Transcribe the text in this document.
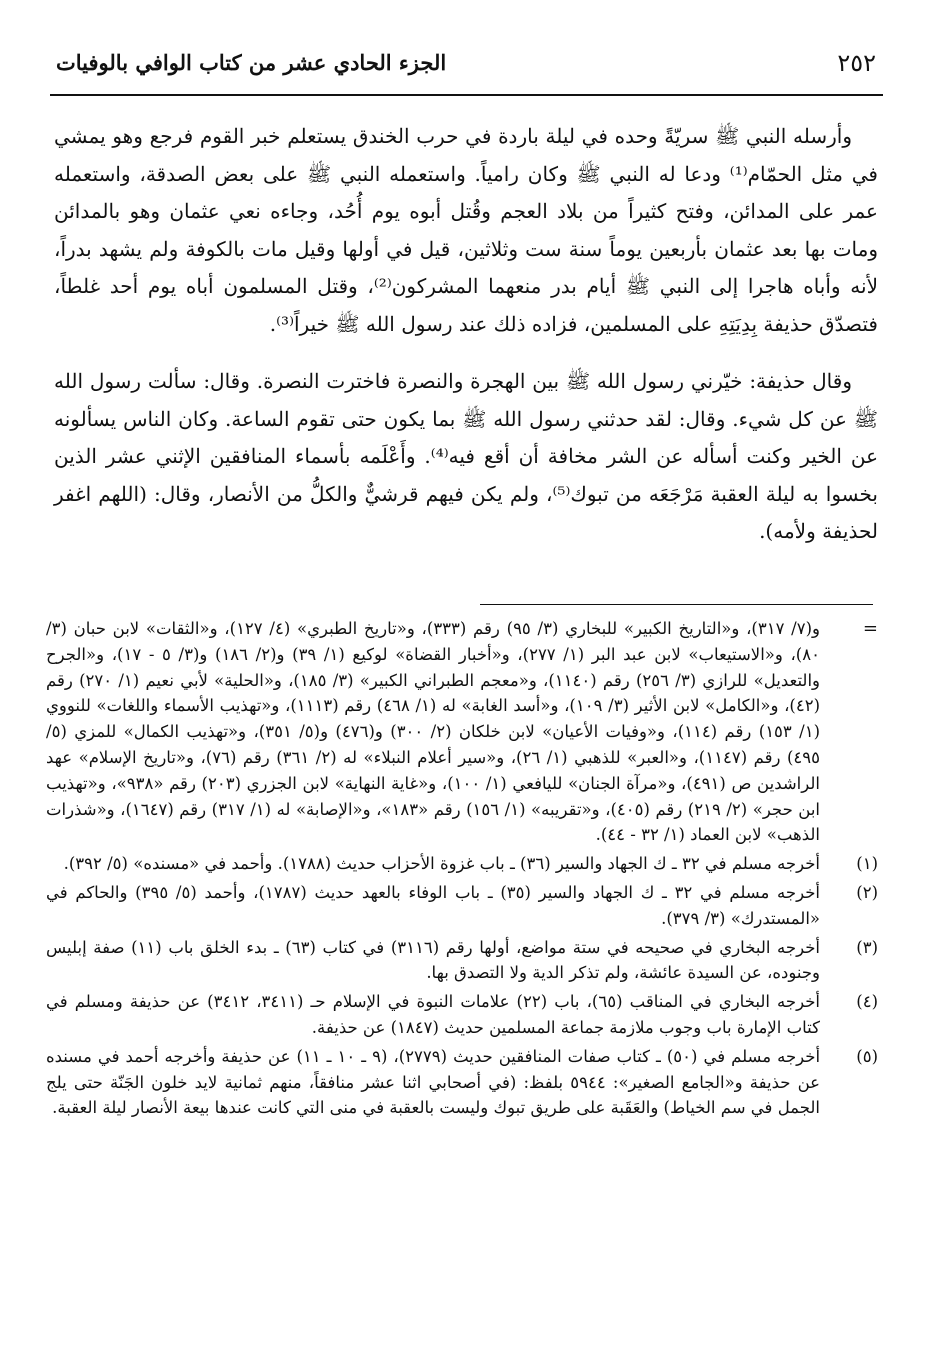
٢٥٢
الجزء الحادي عشر من كتاب الوافي بالوفيات

وأرسله النبي ﷺ سريّةً وحده في ليلة باردة في حرب الخندق يستعلم خبر القوم فرجع وهو يمشي في مثل الحمّام⁽¹⁾ ودعا له النبي ﷺ وكان رامياً. واستعمله النبي ﷺ على بعض الصدقة، واستعمله عمر على المدائن، وفتح كثيراً من بلاد العجم وقُتل أبوه يوم أُحُد، وجاءه نعي عثمان وهو بالمدائن ومات بها بعد عثمان بأربعين يوماً سنة ست وثلاثين، قيل في أولها وقيل مات بالكوفة ولم يشهد بدراً، لأنه وأباه هاجرا إلى النبي ﷺ أيام بدر منعهما المشركون⁽²⁾، وقتل المسلمون أباه يوم أحد غلطاً، فتصدّق حذيفة بِدِيَتِهِ على المسلمين، فزاده ذلك عند رسول الله ﷺ خيراً⁽³⁾.

وقال حذيفة: خيّرني رسول الله ﷺ بين الهجرة والنصرة فاخترت النصرة. وقال: سألت رسول الله ﷺ عن كل شيء. وقال: لقد حدثني رسول الله ﷺ بما يكون حتى تقوم الساعة. وكان الناس يسألونه عن الخير وكنت أسأله عن الشر مخافة أن أقع فيه⁽⁴⁾. وأَعْلَمه بأسماء المنافقين الإثني عشر الذين بخسوا به ليلة العقبة مَرْجَعَه من تبوك⁽⁵⁾، ولم يكن فيهم قرشيٌّ والكلُّ من الأنصار، وقال: (اللهم اغفر لحذيفة ولأمه).

=
و(٧/ ٣١٧)، و«التاريخ الكبير» للبخاري (٣/ ٩٥) رقم (٣٣٣)، و«تاريخ الطبري» (٤/ ١٢٧)، و«الثقات» لابن حبان (٣/ ٨٠)، و«الاستيعاب» لابن عبد البر (١/ ٢٧٧)، و«أخبار القضاة» لوكيع (١/ ٣٩) و(٢/ ١٨٦) و(٣/ ٥ - ١٧)، و«الجرح والتعديل» للرازي (٣/ ٢٥٦) رقم (١١٤٠)، و«معجم الطبراني الكبير» (٣/ ١٨٥)، و«الحلية» لأبي نعيم (١/ ٢٧٠) رقم (٤٢)، و«الكامل» لابن الأثير (٣/ ١٠٩)، و«أسد الغابة» له (١/ ٤٦٨) رقم (١١١٣)، و«تهذيب الأسماء واللغات» للنووي (١/ ١٥٣) رقم (١١٤)، و«وفيات الأعيان» لابن خلكان (٢/ ٣٠٠) و(٤٧٦) و(٥/ ٣٥١)، و«تهذيب الكمال» للمزي (٥/ ٤٩٥) رقم (١١٤٧)، و«العبر» للذهبي (١/ ٢٦)، و«سير أعلام النبلاء» له (٢/ ٣٦١) رقم (٧٦)، و«تاريخ الإسلام» عهد الراشدين ص (٤٩١)، و«مرآة الجنان» لليافعي (١/ ١٠٠)، و«غاية النهاية» لابن الجزري (٢٠٣) رقم «٩٣٨»، و«تهذيب ابن حجر» (٢/ ٢١٩) رقم (٤٠٥)، و«تقريبه» (١/ ١٥٦) رقم «١٨٣»، و«الإصابة» له (١/ ٣١٧) رقم (١٦٤٧)، و«شذرات الذهب» لابن العماد (١/ ٣٢ - ٤٤).
(١)
أخرجه مسلم في ٣٢ ـ ك الجهاد والسير (٣٦) ـ باب غزوة الأحزاب حديث (١٧٨٨). وأحمد في «مسنده» (٥/ ٣٩٢).
(٢)
أخرجه مسلم في ٣٢ ـ ك الجهاد والسير (٣٥) ـ باب الوفاء بالعهد حديث (١٧٨٧)، وأحمد (٥/ ٣٩٥) والحاكم في «المستدرك» (٣/ ٣٧٩).
(٣)
أخرجه البخاري في صحيحه في ستة مواضع، أولها رقم (٣١١٦) في كتاب (٦٣) ـ بدء الخلق باب (١١) صفة إبليس وجنوده، عن السيدة عائشة، ولم تذكر الدية ولا التصدق بها.
(٤)
أخرجه البخاري في المناقب (٦٥)، باب (٢٢) علامات النبوة في الإسلام حـ (٣٤١١، ٣٤١٢) عن حذيفة ومسلم في كتاب الإمارة باب وجوب ملازمة جماعة المسلمين حديث (١٨٤٧) عن حذيفة.
(٥)
أخرجه مسلم في (٥٠) ـ كتاب صفات المنافقين حديث (٢٧٧٩)، (٩ ـ ١٠ ـ ١١) عن حذيفة وأخرجه أحمد في مسنده عن حذيفة و«الجامع الصغير»: ٥٩٤٤ بلفظ: (في أصحابي اثنا عشر منافقاً، منهم ثمانية لايد خلون الجَنّة حتى يلج الجمل في سم الخياط) والعَقَبة على طريق تبوك وليست بالعقبة في منى التي كانت عندها بيعة الأنصار ليلة العقبة.
